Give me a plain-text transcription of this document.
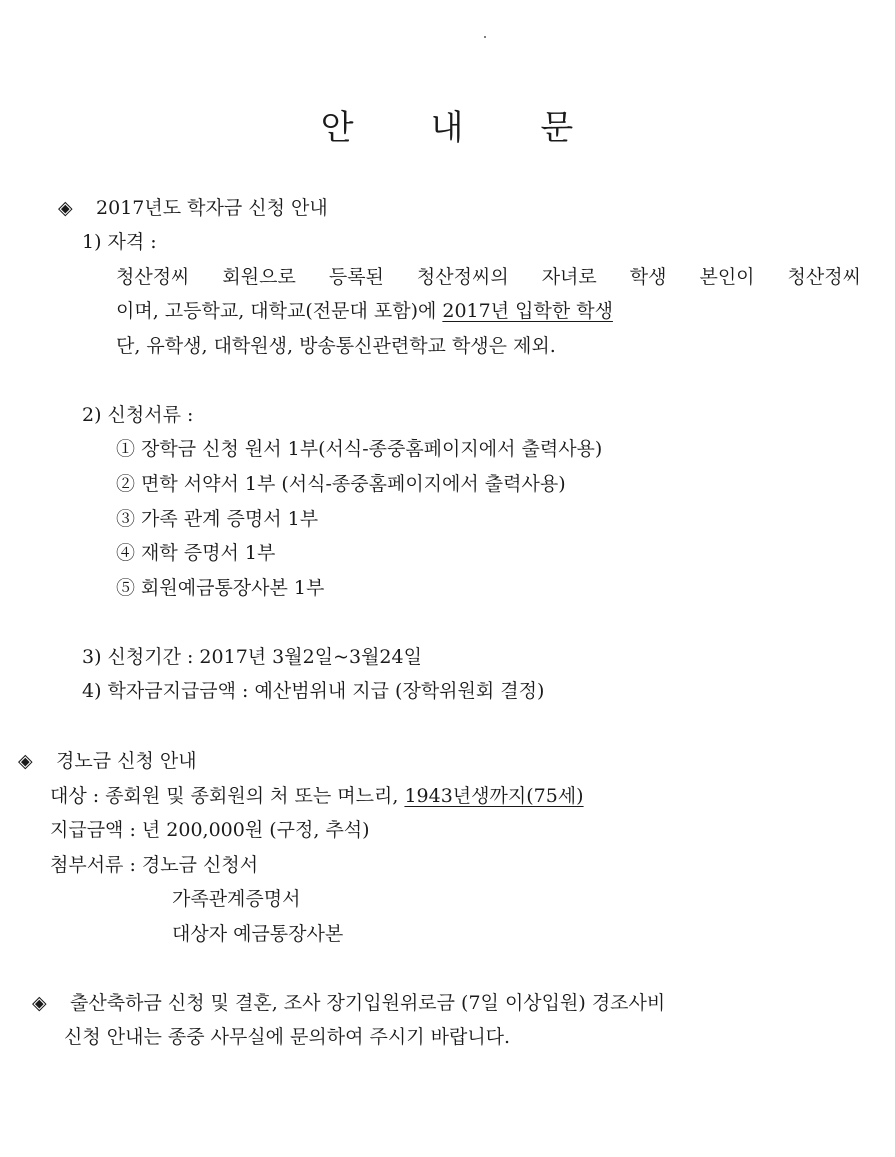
안 내 문
◈ 2017년도 학자금 신청 안내
1) 자격 :
청산정씨 회원으로 등록된 청산정씨의 자녀로 학생 본인이 청산정씨
이며, 고등학교, 대학교(전문대 포함)에 2017년 입학한 학생
단, 유학생, 대학원생, 방송통신관련학교 학생은 제외.
2) 신청서류 :
① 장학금 신청 원서 1부(서식-종중홈페이지에서 출력사용)
② 면학 서약서 1부 (서식-종중홈페이지에서 출력사용)
③ 가족 관계 증명서 1부
④ 재학 증명서 1부
⑤ 회원예금통장사본 1부
3) 신청기간 : 2017년 3월2일~3월24일
4) 학자금지급금액 : 예산범위내 지급 (장학위원회 결정)
◈ 경노금 신청 안내
대상 : 종회원 및 종회원의 처 또는 며느리, 1943년생까지(75세)
지급금액 : 년 200,000원 (구정, 추석)
첨부서류 : 경노금 신청서
가족관계증명서
대상자 예금통장사본
◈ 출산축하금 신청 및 결혼, 조사 장기입원위로금 (7일 이상입원) 경조사비
신청 안내는 종중 사무실에 문의하여 주시기 바랍니다.
